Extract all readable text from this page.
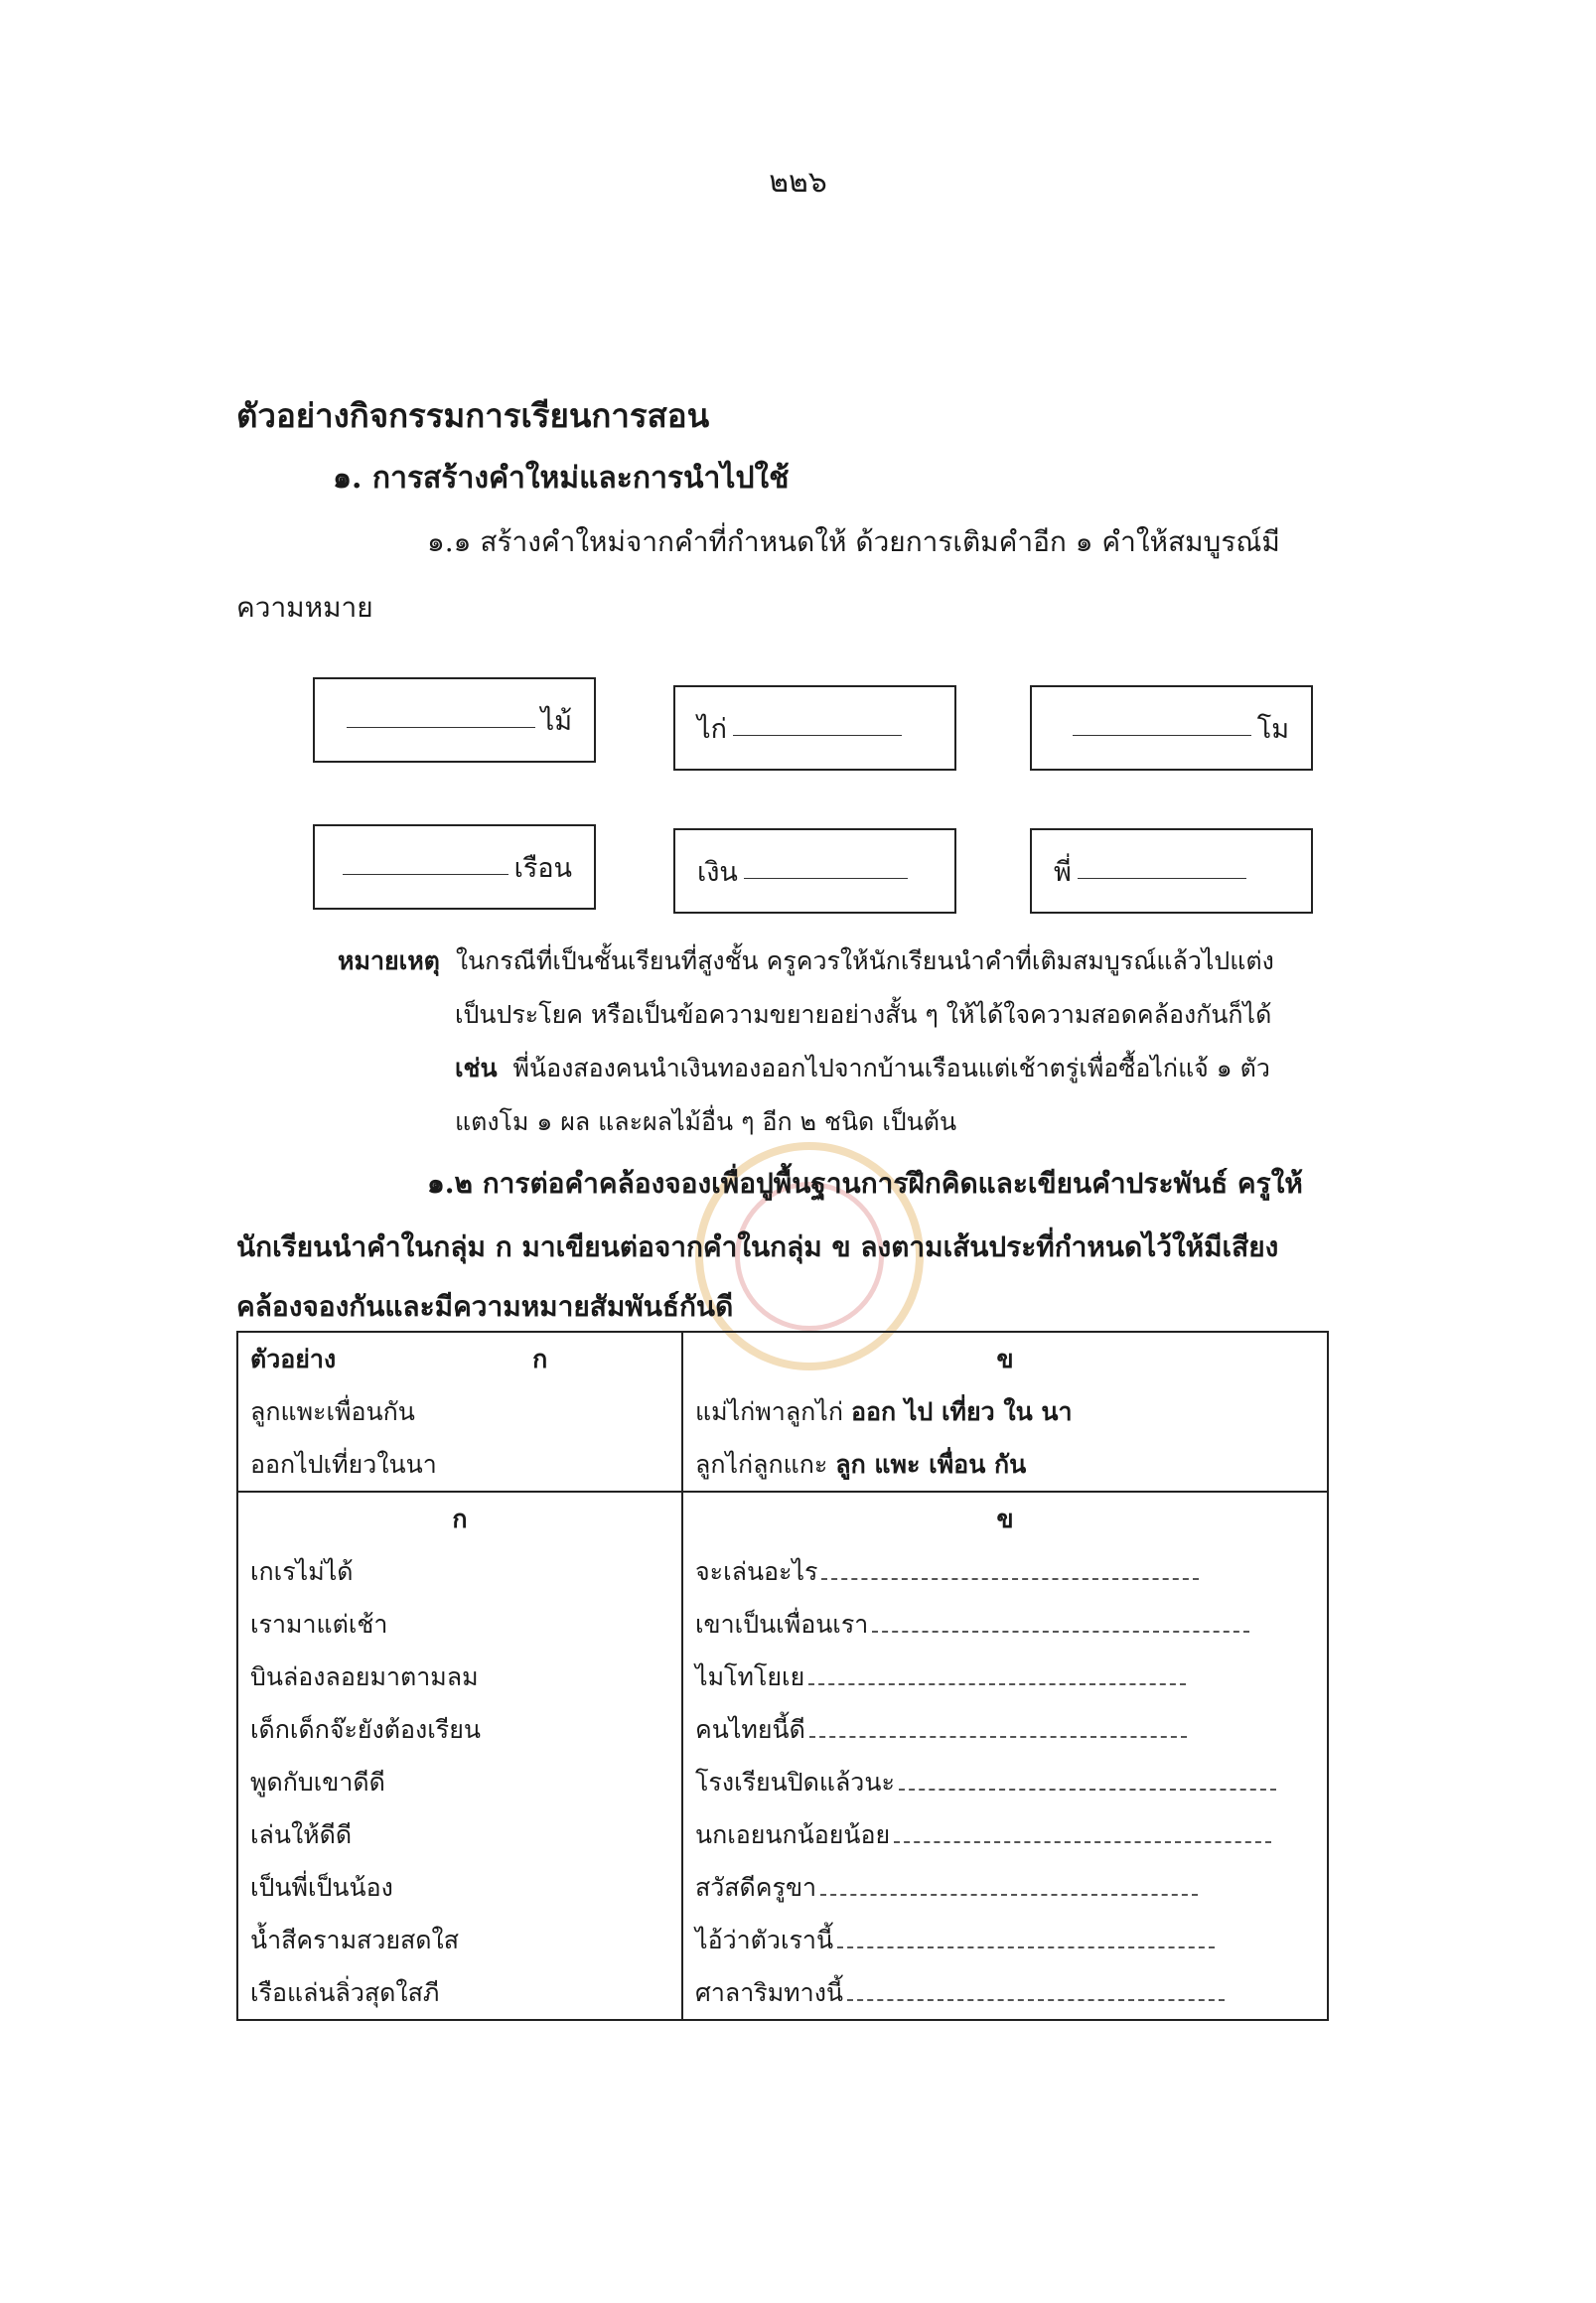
๒๒๖
ตัวอย่างกิจกรรมการเรียนการสอน
๑. การสร้างคำใหม่และการนำไปใช้
๑.๑ สร้างคำใหม่จากคำที่กำหนดให้ ด้วยการเติมคำอีก ๑ คำให้สมบูรณ์มี
ความหมาย
ไม้	ไก่	โม
เรือน	เงิน	พี่
หมายเหตุ ในกรณีที่เป็นชั้นเรียนที่สูงชั้น ครูควรให้นักเรียนนำคำที่เติมสมบูรณ์แล้วไปแต่ง
เป็นประโยค หรือเป็นข้อความขยายอย่างสั้น ๆ ให้ได้ใจความสอดคล้องกันก็ได้
เช่น พี่น้องสองคนนำเงินทองออกไปจากบ้านเรือนแต่เช้าตรู่เพื่อซื้อไก่แจ้ ๑ ตัว
แตงโม ๑ ผล และผลไม้อื่น ๆ อีก ๒ ชนิด เป็นต้น
๑.๒ การต่อคำคล้องจองเพื่อปูพื้นฐานการฝึกคิดและเขียนคำประพันธ์ ครูให้
นักเรียนนำคำในกลุ่ม ก มาเขียนต่อจากคำในกลุ่ม ข ลงตามเส้นประที่กำหนดไว้ให้มีเสียง
คล้องจองกันและมีความหมายสัมพันธ์กันดี
ตัวอย่าง ก	ข
ลูกแพะเพื่อนกัน	แม่ไก่พาลูกไก่ ออก ไป เที่ยว ใน นา
ออกไปเที่ยวในนา	ลูกไก่ลูกแกะ ลูก แพะ เพื่อน กัน
ก	ข
เกเรไม่ได้	จะเล่นอะไร
เรามาแต่เช้า	เขาเป็นเพื่อนเรา
บินล่องลอยมาตามลม	ไมโทโยเย
เด็กเด็กจ๊ะยังต้องเรียน	คนไทยนี้ดี
พูดกับเขาดีดี	โรงเรียนปิดแล้วนะ
เล่นให้ดีดี	นกเอยนกน้อยน้อย
เป็นพี่เป็นน้อง	สวัสดีครูขา
น้ำสีครามสวยสดใส	ไอ้ว่าตัวเรานี้
เรือแล่นลิ่วสุดใสภี	ศาลาริมทางนี้
